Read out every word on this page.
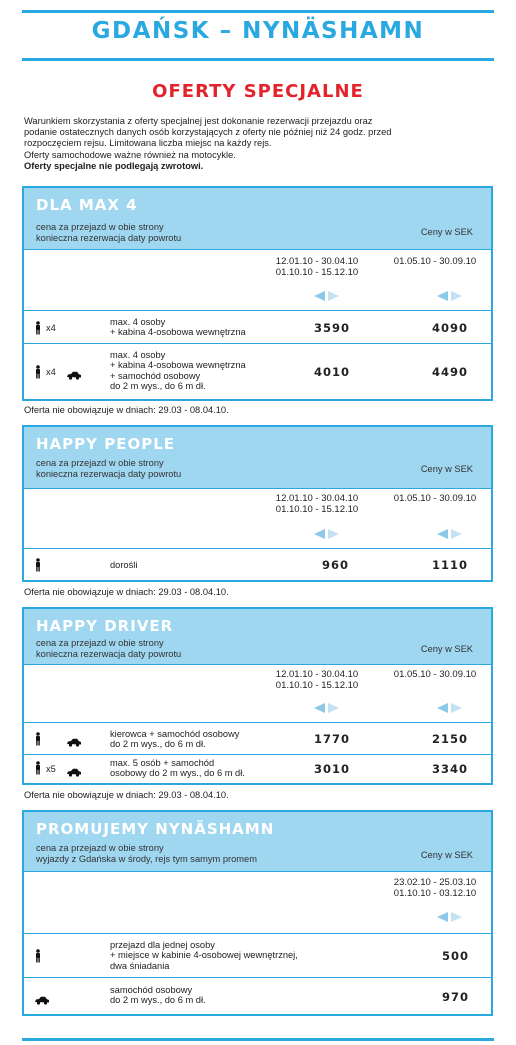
GDAŃSK – NYNÄSHAMN
OFERTY SPECJALNE
Warunkiem skorzystania z oferty specjalnej jest dokonanie rezerwacji przejazdu oraz
podanie ostatecznych danych osób korzystających z oferty nie później niż 24 godz. przed
rozpoczęciem rejsu. Limitowana liczba miejsc na każdy rejs.
Oferty samochodowe ważne również na motocykle.
Oferty specjalne nie podlegają zwrotowi.
DLA MAX 4
cena za przejazd w obie strony
konieczna rezerwacja daty powrotu
Ceny w SEK
12.01.10 - 30.04.10
01.10.10 - 15.12.10
01.05.10 - 30.09.10
x4
max. 4 osoby
+ kabina 4-osobowa wewnętrzna	3590	4090
x4
max. 4 osoby
+ kabina 4-osobowa wewnętrzna
+ samochód osobowy
do 2 m wys., do 6 m dł.
4010	4490
Oferta nie obowiązuje w dniach: 29.03 - 08.04.10.
HAPPY PEOPLE
cena za przejazd w obie strony
konieczna rezerwacja daty powrotu	Ceny w SEK
12.01.10 - 30.04.10
01.10.10 - 15.12.10
01.05.10 - 30.09.10
dorośli	960	1110
Oferta nie obowiązuje w dniach: 29.03 - 08.04.10.
HAPPY DRIVER
cena za przejazd w obie strony
konieczna rezerwacja daty powrotu	Ceny w SEK
12.01.10 - 30.04.10
01.10.10 - 15.12.10
01.05.10 - 30.09.10
kierowca + samochód osobowy
do 2 m wys., do 6 m dł.	1770	2150
x5
max. 5 osób + samochód
osobowy do 2 m wys., do 6 m dł.	3010	3340
Oferta nie obowiązuje w dniach: 29.03 - 08.04.10.
PROMUJEMY NYNÄSHAMN
cena za przejazd w obie strony
wyjazdy z Gdańska w środy, rejs tym samym promem	Ceny w SEK
23.02.10 - 25.03.10
01.10.10 - 03.12.10
przejazd dla jednej osoby
+ miejsce w kabinie 4-osobowej wewnętrznej,
dwa śniadania
500
samochód osobowy
do 2 m wys., do 6 m dł.	970
